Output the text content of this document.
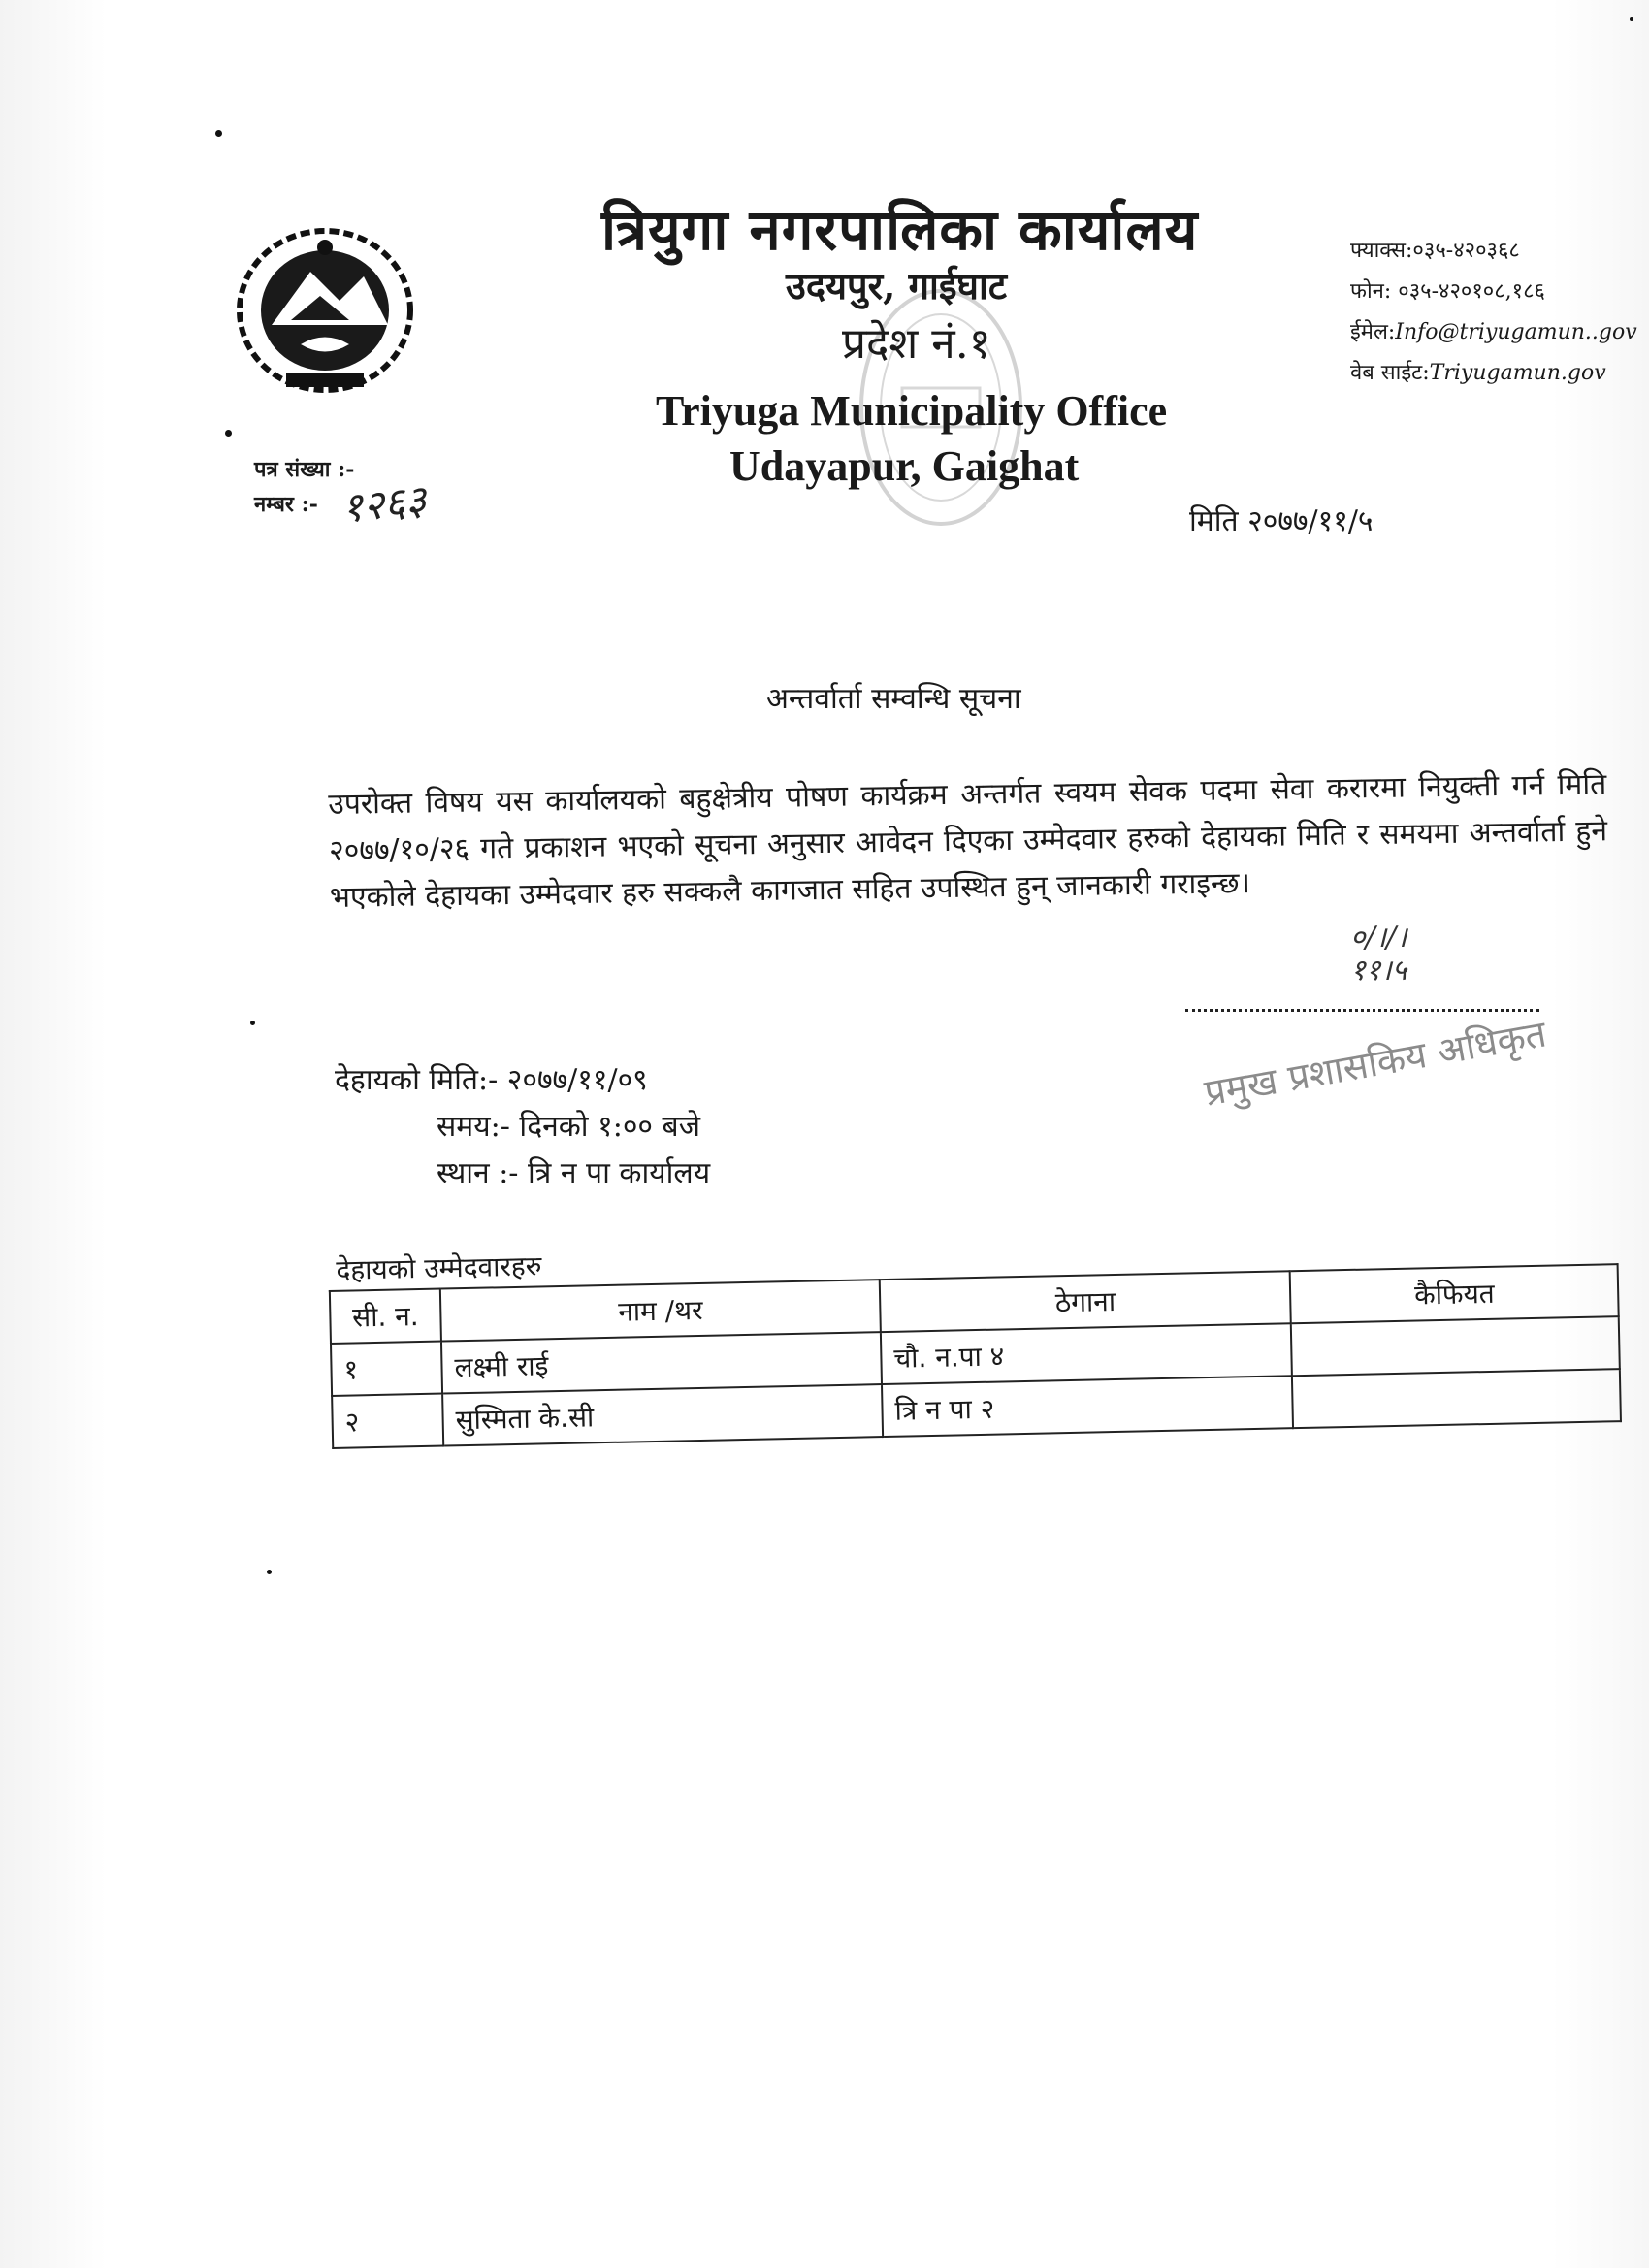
त्रियुगा नगरपालिका कार्यालय
उदयपुर, गाईघाट
प्रदेश नं.१
Triyuga Municipality Office
Udayapur, Gaighat
फ्याक्स:०३५-४२०३६८
फोन: ०३५-४२०१०८,१८६
ईमेल:Info@triyugamun..gov
वेब साईट:Triyugamun.gov
पत्र संख्या :-
नम्बर :- १२६३	मिति २०७७/११/५
अन्तर्वार्ता सम्वन्धि सूचना
उपरोक्त विषय यस कार्यालयको बहुक्षेत्रीय पोषण कार्यक्रम अन्तर्गत स्वयम सेवक पदमा सेवा करारमा नियुक्ती गर्न मिति २०७७/१०/२६ गते प्रकाशन भएको सूचना अनुसार आवेदन दिएका उम्मेदवार हरुको देहायका मिति र समयमा अन्तर्वार्ता हुने भएकोले देहायका उम्मेदवार हरु सक्कलै कागजात सहित उपस्थित हुन् जानकारी गराइन्छ।
०/।/।
११।५
प्रमुख प्रशासकिय अधिकृत
देहायको मिति:- २०७७/११/०९
समय:- दिनको १:०० बजे
स्थान :- त्रि न पा कार्यालय
देहायको उम्मेदवारहरु
सी. न.	नाम /थर	ठेगाना	कैफियत
१	लक्ष्मी राई	चौ. न.पा ४	
२	सुस्मिता के.सी	त्रि न पा २	
